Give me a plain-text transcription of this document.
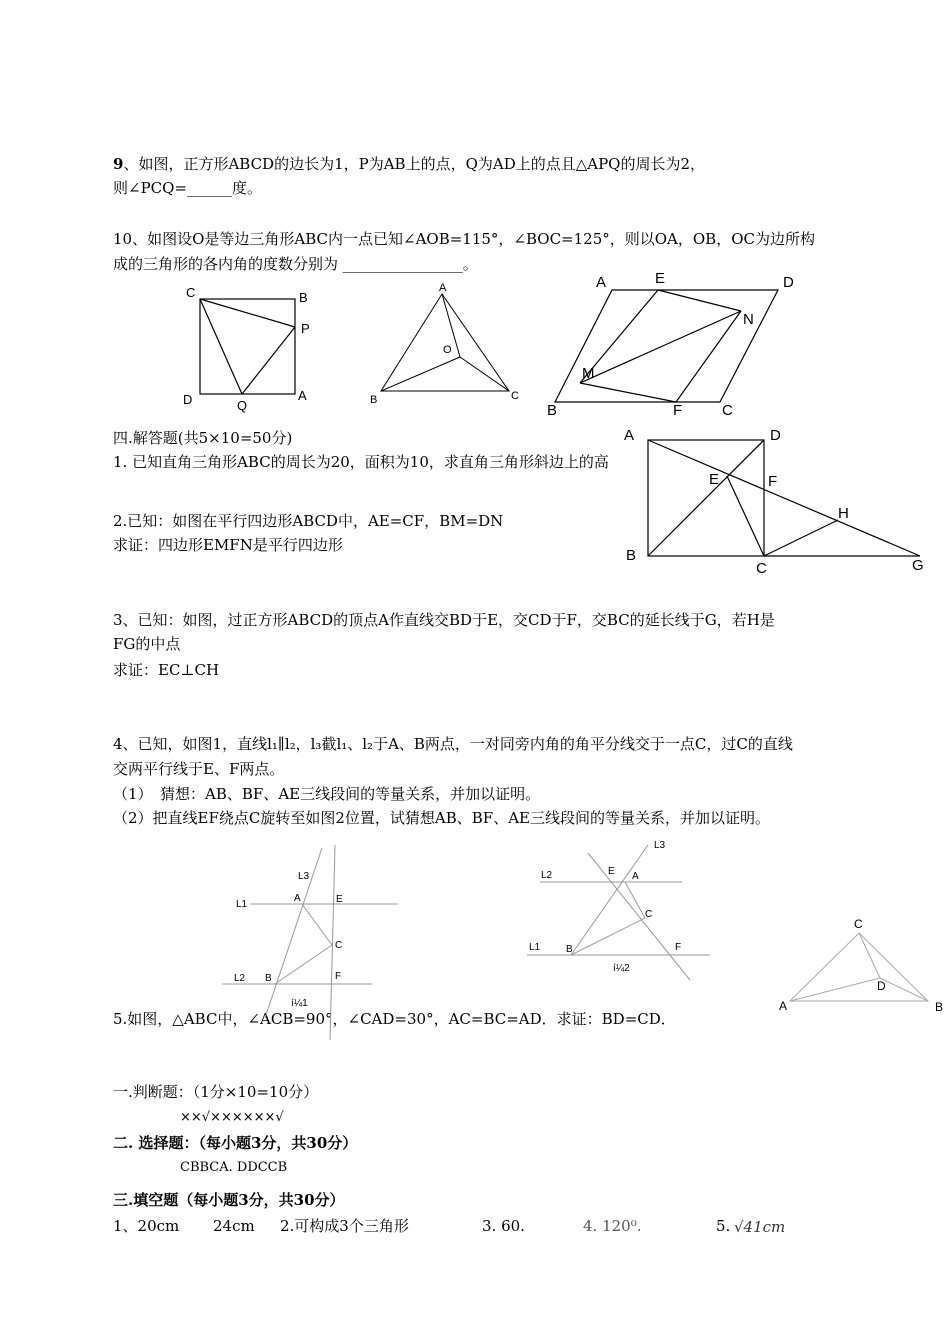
9、如图，正方形ABCD的边长为1，P为AB上的点，Q为AD上的点且△APQ的周长为2，
则∠PCQ=______度。
10、如图设O是等边三角形ABC内一点已知∠AOB=115°，∠BOC=125°，则以OA，OB，OC为边所构
成的三角形的各内角的度数分别为 ________________。
四.解答题(共5×10=50分)
1. 已知直角三角形ABC的周长为20，面积为10，求直角三角形斜边上的高
2.已知：如图在平行四边形ABCD中，AE=CF，BM=DN
求证：四边形EMFN是平行四边形
3、已知：如图，过正方形ABCD的顶点A作直线交BD于E，交CD于F，交BC的延长线于G，若H是
FG的中点
求证：EC⊥CH
4、已知，如图1，直线l₁∥l₂，l₃截l₁、l₂于A、B两点，一对同旁内角的角平分线交于一点C，过C的直线
交两平行线于E、F两点。
（1）　猜想：AB、BF、AE三线段间的等量关系，并加以证明。
（2）把直线EF绕点C旋转至如图2位置，试猜想AB、BF、AE三线段间的等量关系，并加以证明。
5.如图，△ABC中，∠ACB=90°，∠CAD=30°，AC=BC=AD．求证：BD=CD．
一.判断题：（1分×10=10分）
××√××××××√
二. 选择题：（每小题3分，共30分）
CBBCA. DDCCB
三.填空题（每小题3分，共30分）
1、20cm 24cm 2.可构成3个三角形	3. 60.	4. 120⁰.	5. √41cm
C	B
P
D	Q
A
A
O
B	C
A	E	D
N
M
B	F	C
A	D
E	F
H
B
C	G
L3
L1
A	E
C
L2 B	F
í¼1
L3
L2	E A
C
L1	B	F
í¼2
C
D
A	B
